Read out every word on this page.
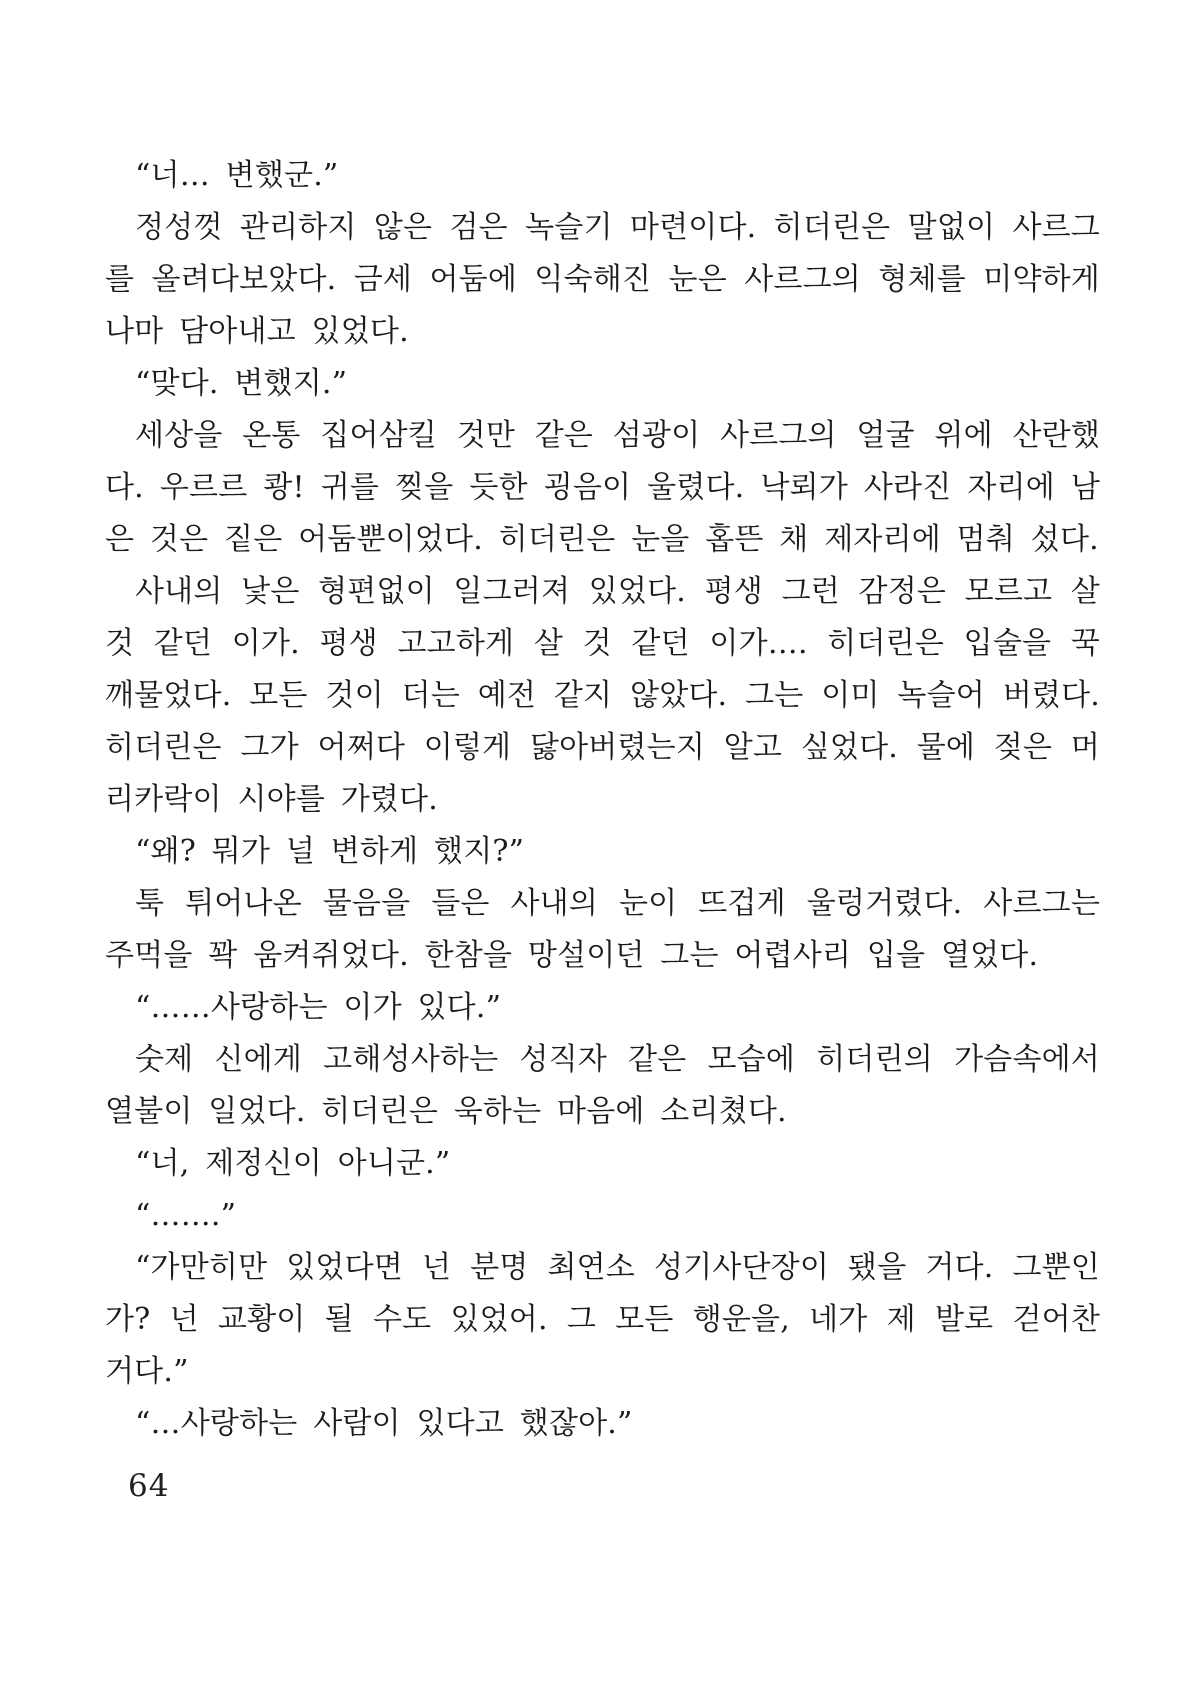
“너… 변했군.”

정성껏 관리하지 않은 검은 녹슬기 마련이다. 히더린은 말없이 사르그를 올려다보았다. 금세 어둠에 익숙해진 눈은 사르그의 형체를 미약하게나마 담아내고 있었다.

“맞다. 변했지.”

세상을 온통 집어삼킬 것만 같은 섬광이 사르그의 얼굴 위에 산란했다. 우르르 쾅! 귀를 찢을 듯한 굉음이 울렸다. 낙뢰가 사라진 자리에 남은 것은 짙은 어둠뿐이었다. 히더린은 눈을 홉뜬 채 제자리에 멈춰 섰다.

사내의 낯은 형편없이 일그러져 있었다. 평생 그런 감정은 모르고 살 것 같던 이가. 평생 고고하게 살 것 같던 이가…. 히더린은 입술을 꾹 깨물었다. 모든 것이 더는 예전 같지 않았다. 그는 이미 녹슬어 버렸다. 히더린은 그가 어쩌다 이렇게 닳아버렸는지 알고 싶었다. 물에 젖은 머리카락이 시야를 가렸다.

“왜? 뭐가 널 변하게 했지?”

툭 튀어나온 물음을 들은 사내의 눈이 뜨겁게 울렁거렸다. 사르그는 주먹을 꽉 움켜쥐었다. 한참을 망설이던 그는 어렵사리 입을 열었다.

“……사랑하는 이가 있다.”

숫제 신에게 고해성사하는 성직자 같은 모습에 히더린의 가슴속에서 열불이 일었다. 히더린은 욱하는 마음에 소리쳤다.

“너, 제정신이 아니군.”

“…….”

“가만히만 있었다면 넌 분명 최연소 성기사단장이 됐을 거다. 그뿐인가? 넌 교황이 될 수도 있었어. 그 모든 행운을, 네가 제 발로 걷어찬 거다.”

“…사랑하는 사람이 있다고 했잖아.”

64
